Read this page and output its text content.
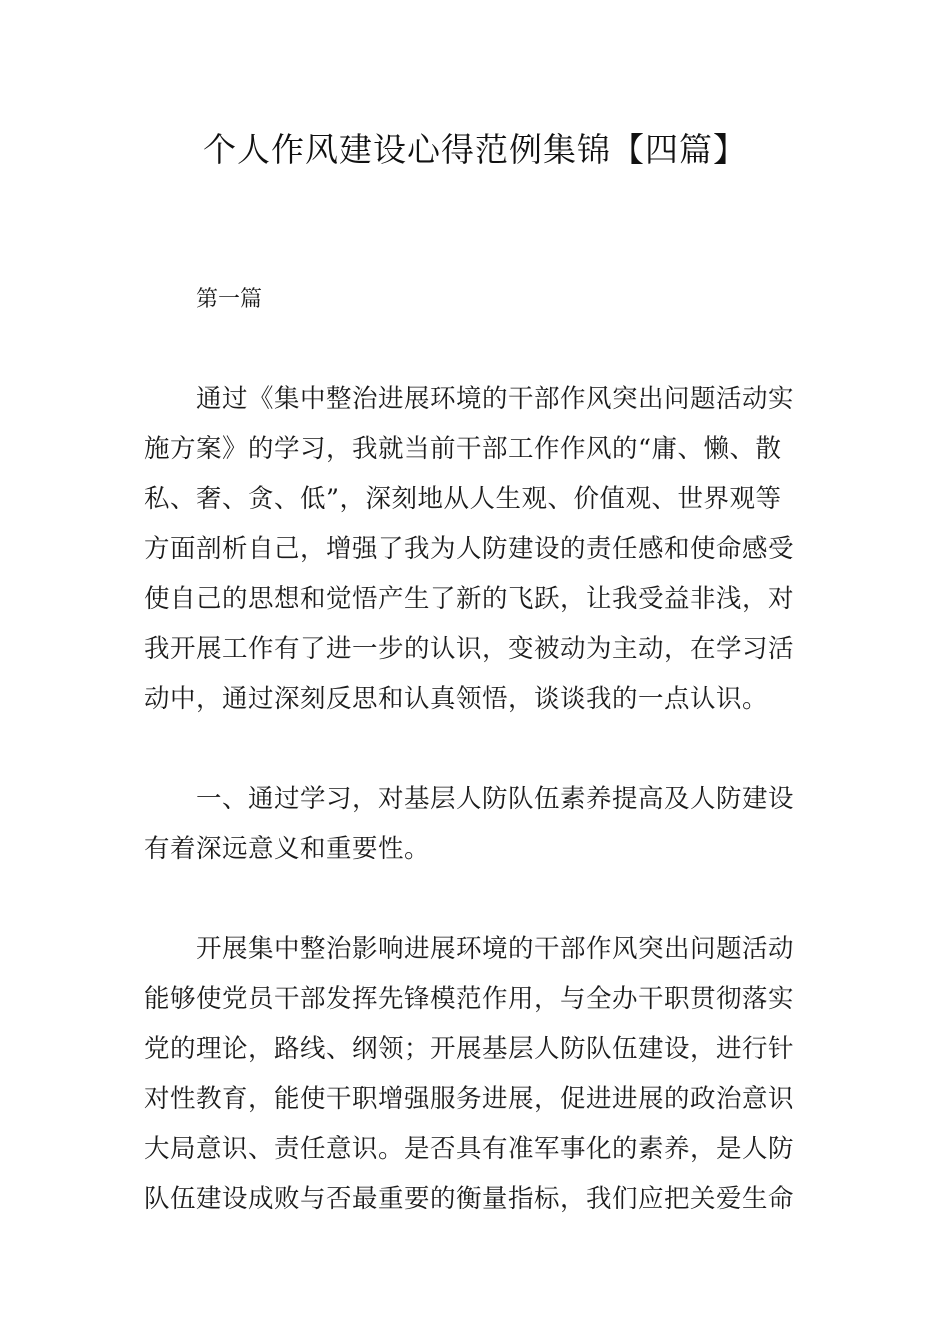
个人作风建设心得范例集锦【四篇】
第一篇
通过《集中整治进展环境的干部作风突出问题活动实
施方案》的学习，我就当前干部工作作风的“庸、懒、散
私、奢、贪、低”，深刻地从人生观、价值观、世界观等
方面剖析自己，增强了我为人防建设的责任感和使命感受
使自己的思想和觉悟产生了新的飞跃，让我受益非浅，对
我开展工作有了进一步的认识，变被动为主动，在学习活
动中，通过深刻反思和认真领悟，谈谈我的一点认识。
一、通过学习，对基层人防队伍素养提高及人防建设
有着深远意义和重要性。
开展集中整治影响进展环境的干部作风突出问题活动
能够使党员干部发挥先锋模范作用，与全办干职贯彻落实
党的理论，路线、纲领；开展基层人防队伍建设，进行针
对性教育，能使干职增强服务进展，促进进展的政治意识
大局意识、责任意识。是否具有准军事化的素养，是人防
队伍建设成败与否最重要的衡量指标，我们应把关爱生命
